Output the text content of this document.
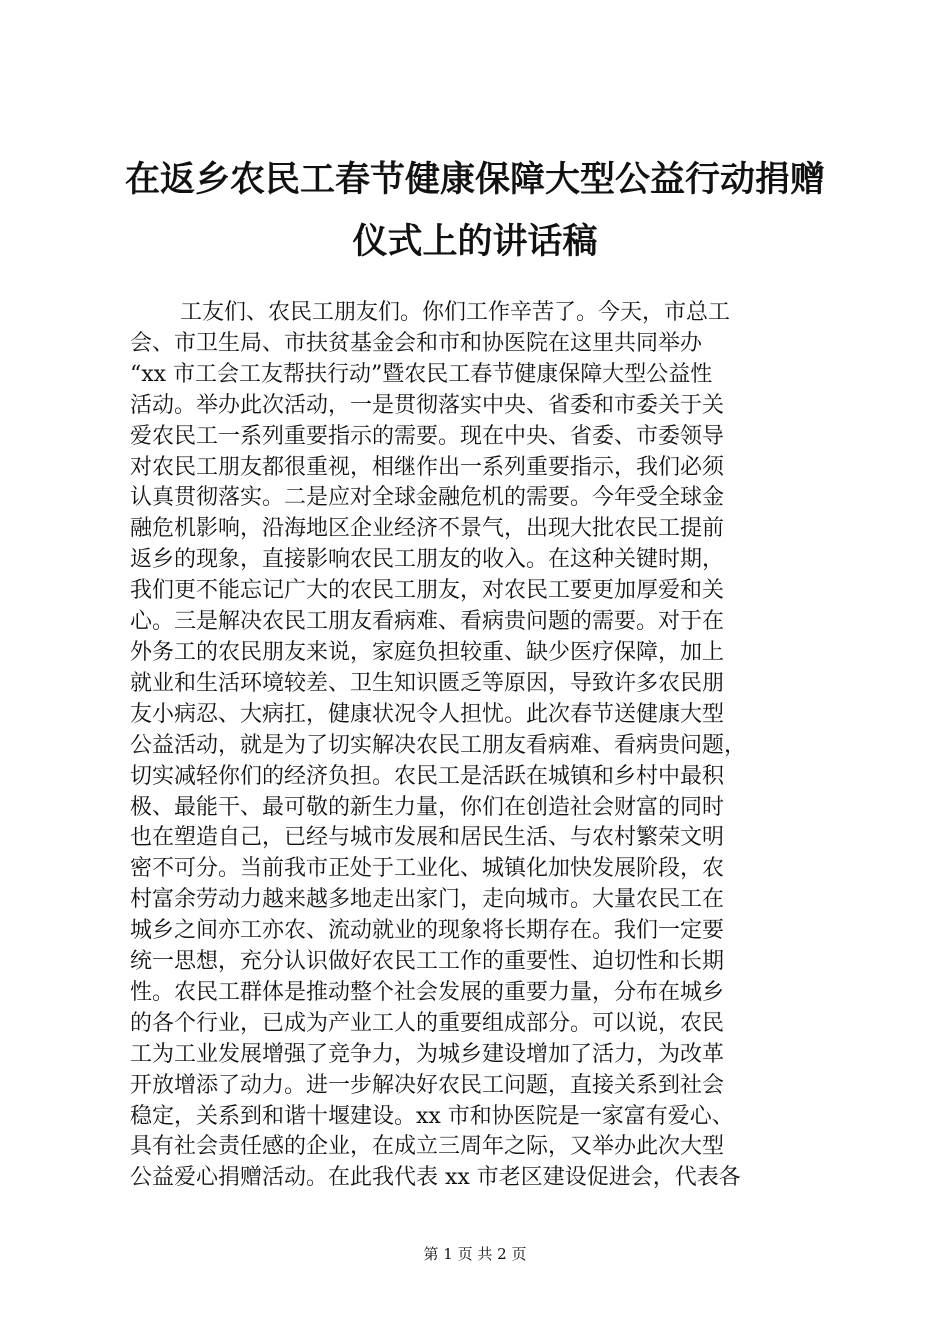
在返乡农民工春节健康保障大型公益行动捐赠
仪式上的讲话稿

工友们、农民工朋友们。你们工作辛苦了。今天，市总工

会、市卫生局、市扶贫基金会和市和协医院在这里共同举办

“xx 市工会工友帮扶行动”暨农民工春节健康保障大型公益性

活动。举办此次活动，一是贯彻落实中央、省委和市委关于关

爱农民工一系列重要指示的需要。现在中央、省委、市委领导

对农民工朋友都很重视，相继作出一系列重要指示，我们必须

认真贯彻落实。二是应对全球金融危机的需要。今年受全球金

融危机影响，沿海地区企业经济不景气，出现大批农民工提前

返乡的现象，直接影响农民工朋友的收入。在这种关键时期，

我们更不能忘记广大的农民工朋友，对农民工要更加厚爱和关

心。三是解决农民工朋友看病难、看病贵问题的需要。对于在

外务工的农民朋友来说，家庭负担较重、缺少医疗保障，加上

就业和生活环境较差、卫生知识匮乏等原因，导致许多农民朋

友小病忍、大病扛，健康状况令人担忧。此次春节送健康大型

公益活动，就是为了切实解决农民工朋友看病难、看病贵问题，

切实减轻你们的经济负担。农民工是活跃在城镇和乡村中最积

极、最能干、最可敬的新生力量，你们在创造社会财富的同时

也在塑造自己，已经与城市发展和居民生活、与农村繁荣文明

密不可分。当前我市正处于工业化、城镇化加快发展阶段，农

村富余劳动力越来越多地走出家门，走向城市。大量农民工在

城乡之间亦工亦农、流动就业的现象将长期存在。我们一定要

统一思想，充分认识做好农民工工作的重要性、迫切性和长期

性。农民工群体是推动整个社会发展的重要力量，分布在城乡

的各个行业，已成为产业工人的重要组成部分。可以说，农民

工为工业发展增强了竞争力，为城乡建设增加了活力，为改革

开放增添了动力。进一步解决好农民工问题，直接关系到社会

稳定，关系到和谐十堰建设。xx 市和协医院是一家富有爱心、

具有社会责任感的企业，在成立三周年之际，又举办此次大型

公益爱心捐赠活动。在此我代表 xx 市老区建设促进会，代表各

第 1 页 共 2 页
